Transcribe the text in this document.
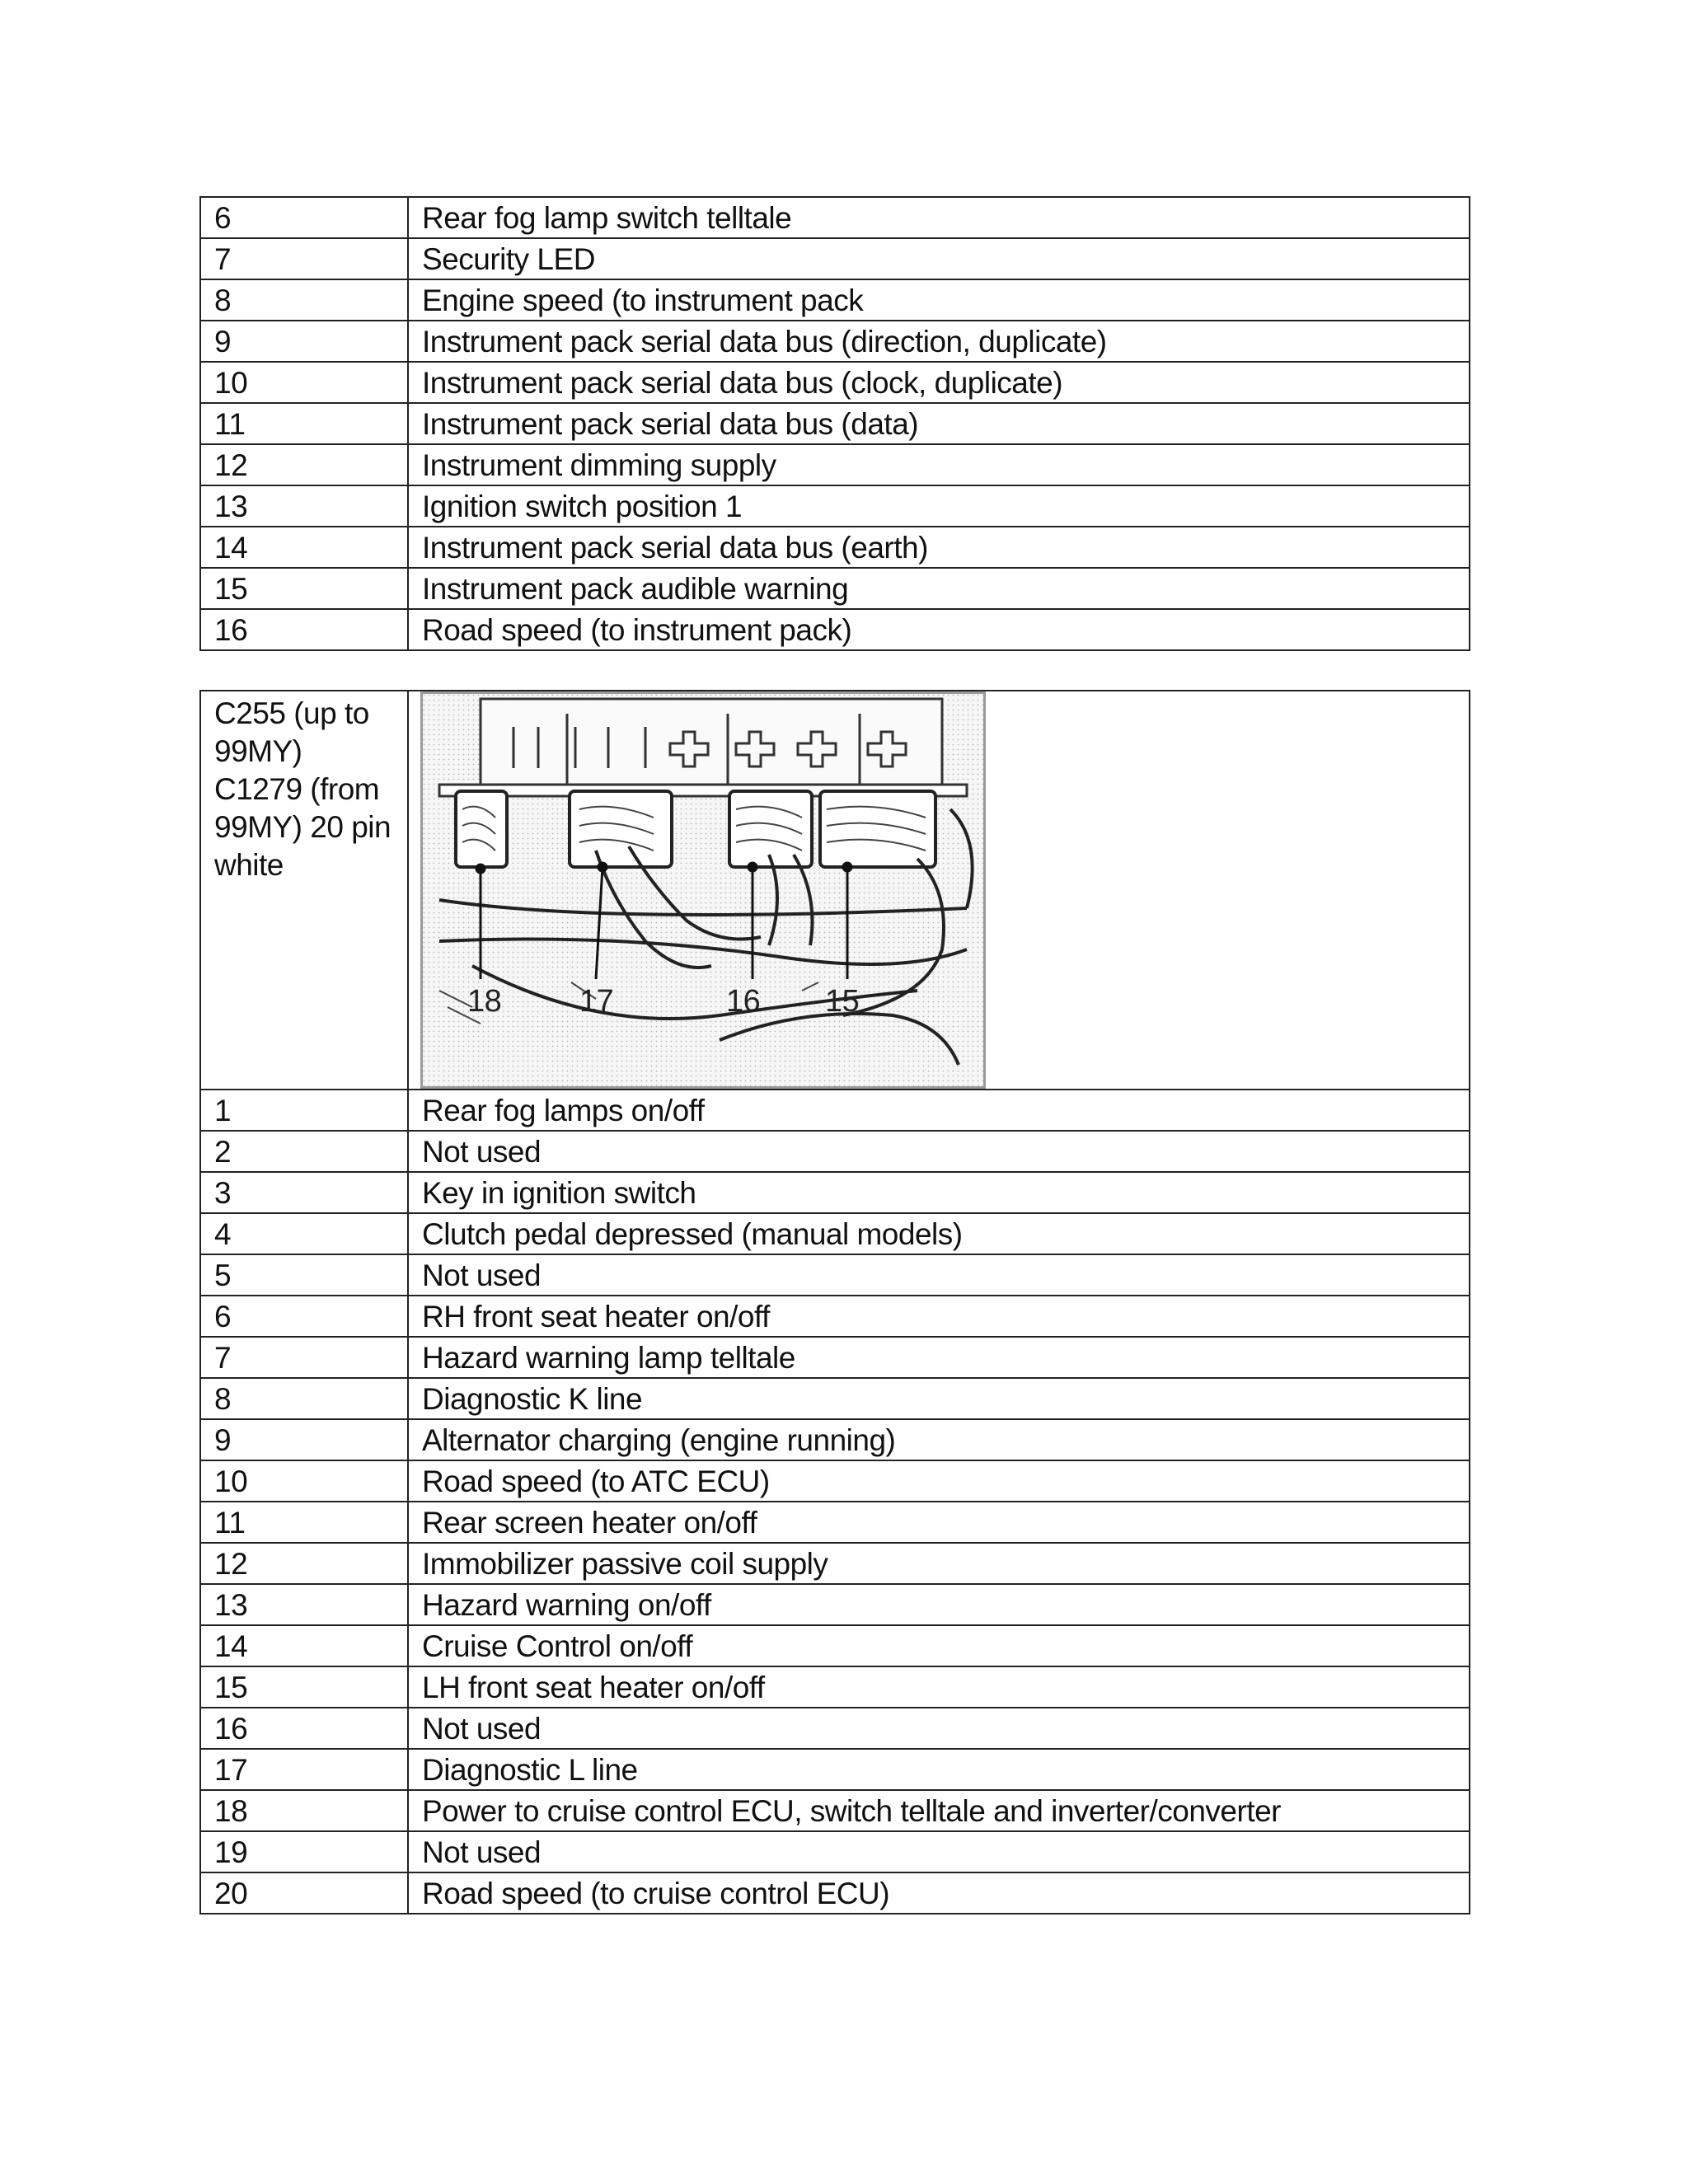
6	Rear fog lamp switch telltale
7	Security LED
8	Engine speed (to instrument pack
9	Instrument pack serial data bus (direction, duplicate)
10	Instrument pack serial data bus (clock, duplicate)
11	Instrument pack serial data bus (data)
12	Instrument dimming supply
13	Ignition switch position 1
14	Instrument pack serial data bus (earth)
15	Instrument pack audible warning
16	Road speed (to instrument pack)
C255 (up to 99MY) C1279 (from 99MY) 20 pin white	18 17 16 15

1	Rear fog lamps on/off
2	Not used
3	Key in ignition switch
4	Clutch pedal depressed (manual models)
5	Not used
6	RH front seat heater on/off
7	Hazard warning lamp telltale
8	Diagnostic K line
9	Alternator charging (engine running)
10	Road speed (to ATC ECU)
11	Rear screen heater on/off
12	Immobilizer passive coil supply
13	Hazard warning on/off
14	Cruise Control on/off
15	LH front seat heater on/off
16	Not used
17	Diagnostic L line
18	Power to cruise control ECU, switch telltale and inverter/converter
19	Not used
20	Road speed (to cruise control ECU)
